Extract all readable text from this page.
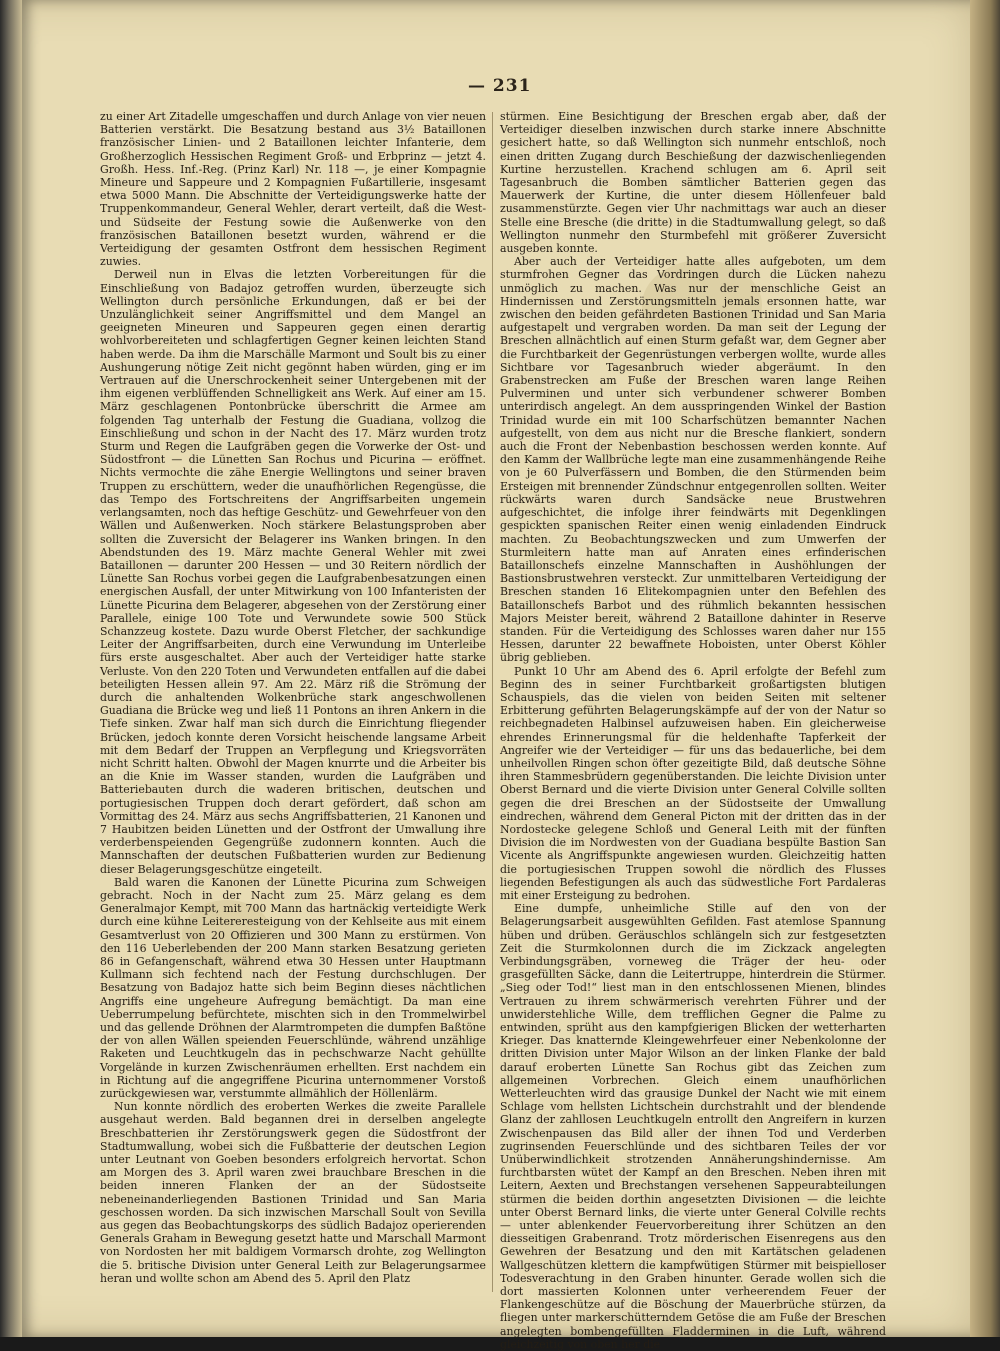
— 231

zu einer Art Zitadelle umgeschaffen und durch Anlage von vier neuen Batterien verstärkt. Die Besatzung bestand aus 3½ Bataillonen französischer Linien- und 2 Bataillonen leichter Infanterie, dem Großherzoglich Hessischen Regiment Groß- und Erbprinz — jetzt 4. Großh. Hess. Inf.-Reg. (Prinz Karl) Nr. 118 —, je einer Kompagnie Mineure und Sappeure und 2 Kompagnien Fußartillerie, insgesamt etwa 5000 Mann. Die Abschnitte der Verteidigungswerke hatte der Truppenkommandeur, General Wehler, derart verteilt, daß die West- und Südseite der Festung sowie die Außenwerke von den französischen Bataillonen besetzt wurden, während er die Verteidigung der gesamten Ostfront dem hessischen Regiment zuwies.

Derweil nun in Elvas die letzten Vorbereitungen für die Einschließung von Badajoz getroffen wurden, überzeugte sich Wellington durch persönliche Erkundungen, daß er bei der Unzulänglichkeit seiner Angriffsmittel und dem Mangel an geeigneten Mineuren und Sappeuren gegen einen derartig wohlvorbereiteten und schlagfertigen Gegner keinen leichten Stand haben werde. Da ihm die Marschälle Marmont und Soult bis zu einer Aushungerung nötige Zeit nicht gegönnt haben würden, ging er im Vertrauen auf die Unerschrockenheit seiner Untergebenen mit der ihm eigenen verblüffenden Schnelligkeit ans Werk. Auf einer am 15. März geschlagenen Pontonbrücke überschritt die Armee am folgenden Tag unterhalb der Festung die Guadiana, vollzog die Einschließung und schon in der Nacht des 17. März wurden trotz Sturm und Regen die Laufgräben gegen die Vorwerke der Ost- und Südostfront — die Lünetten San Rochus und Picurina — eröffnet. Nichts vermochte die zähe Energie Wellingtons und seiner braven Truppen zu erschüttern, weder die unaufhörlichen Regengüsse, die das Tempo des Fortschreitens der Angriffsarbeiten ungemein verlangsamten, noch das heftige Geschütz- und Gewehrfeuer von den Wällen und Außenwerken. Noch stärkere Belastungsproben aber sollten die Zuversicht der Belagerer ins Wanken bringen. In den Abendstunden des 19. März machte General Wehler mit zwei Bataillonen — darunter 200 Hessen — und 30 Reitern nördlich der Lünette San Rochus vorbei gegen die Laufgrabenbesatzungen einen energischen Ausfall, der unter Mitwirkung von 100 Infanteristen der Lünette Picurina dem Belagerer, abgesehen von der Zerstörung einer Parallele, einige 100 Tote und Verwundete sowie 500 Stück Schanzzeug kostete. Dazu wurde Oberst Fletcher, der sachkundige Leiter der Angriffsarbeiten, durch eine Verwundung im Unterleibe fürs erste ausgeschaltet. Aber auch der Verteidiger hatte starke Verluste. Von den 220 Toten und Verwundeten entfallen auf die dabei beteiligten Hessen allein 97. Am 22. März riß die Strömung der durch die anhaltenden Wolkenbrüche stark angeschwollenen Guadiana die Brücke weg und ließ 11 Pontons an ihren Ankern in die Tiefe sinken. Zwar half man sich durch die Einrichtung fliegender Brücken, jedoch konnte deren Vorsicht heischende langsame Arbeit mit dem Bedarf der Truppen an Verpflegung und Kriegsvorräten nicht Schritt halten. Obwohl der Magen knurrte und die Arbeiter bis an die Knie im Wasser standen, wurden die Laufgräben und Batteriebauten durch die waderen britischen, deutschen und portugiesischen Truppen doch derart gefördert, daß schon am Vormittag des 24. März aus sechs Angriffsbatterien, 21 Kanonen und 7 Haubitzen beiden Lünetten und der Ostfront der Umwallung ihre verderbenspeienden Gegengrüße zudonnern konnten. Auch die Mannschaften der deutschen Fußbatterien wurden zur Bedienung dieser Belagerungsgeschütze eingeteilt.

Bald waren die Kanonen der Lünette Picurina zum Schweigen gebracht. Noch in der Nacht zum 25. März gelang es dem Generalmajor Kempt, mit 700 Mann das hartnäckig verteidigte Werk durch eine kühne Leitereresteigung von der Kehlseite aus mit einem Gesamtverlust von 20 Offizieren und 300 Mann zu erstürmen. Von den 116 Ueberlebenden der 200 Mann starken Besatzung gerieten 86 in Gefangenschaft, während etwa 30 Hessen unter Hauptmann Kullmann sich fechtend nach der Festung durchschlugen. Der Besatzung von Badajoz hatte sich beim Beginn dieses nächtlichen Angriffs eine ungeheure Aufregung bemächtigt. Da man eine Ueberrumpelung befürchtete, mischten sich in den Trommelwirbel und das gellende Dröhnen der Alarmtrompeten die dumpfen Baßtöne der von allen Wällen speienden Feuerschlünde, während unzählige Raketen und Leuchtkugeln das in pechschwarze Nacht gehüllte Vorgelände in kurzen Zwischenräumen erhellten. Erst nachdem ein in Richtung auf die angegriffene Picurina unternommener Vorstoß zurückgewiesen war, verstummte allmählich der Höllenlärm.

Nun konnte nördlich des eroberten Werkes die zweite Parallele ausgehaut werden. Bald begannen drei in derselben angelegte Breschbatterien ihr Zerstörungswerk gegen die Südostfront der Stadtumwallung, wobei sich die Fußbatterie der deutschen Legion unter Leutnant von Goeben besonders erfolgreich hervortat. Schon am Morgen des 3. April waren zwei brauchbare Breschen in die beiden inneren Flanken der an der Südostseite nebeneinanderliegenden Bastionen Trinidad und San Maria geschossen worden. Da sich inzwischen Marschall Soult von Sevilla aus gegen das Beobachtungskorps des südlich Badajoz operierenden Generals Graham in Bewegung gesetzt hatte und Marschall Marmont von Nordosten her mit baldigem Vormarsch drohte, zog Wellington die 5. britische Division unter General Leith zur Belagerungsarmee heran und wollte schon am Abend des 5. April den Platz

stürmen. Eine Besichtigung der Breschen ergab aber, daß der Verteidiger dieselben inzwischen durch starke innere Abschnitte gesichert hatte, so daß Wellington sich nunmehr entschloß, noch einen dritten Zugang durch Beschießung der dazwischenliegenden Kurtine herzustellen. Krachend schlugen am 6. April seit Tagesanbruch die Bomben sämtlicher Batterien gegen das Mauerwerk der Kurtine, die unter diesem Höllenfeuer bald zusammenstürzte. Gegen vier Uhr nachmittags war auch an dieser Stelle eine Bresche (die dritte) in die Stadtumwallung gelegt, so daß Wellington nunmehr den Sturmbefehl mit größerer Zuversicht ausgeben konnte.

Aber auch der Verteidiger hatte alles aufgeboten, um dem sturmfrohen Gegner das Vordringen durch die Lücken nahezu unmöglich zu machen. Was nur der menschliche Geist an Hindernissen und Zerstörungsmitteln jemals ersonnen hatte, war zwischen den beiden gefährdeten Bastionen Trinidad und San Maria aufgestapelt und vergraben worden. Da man seit der Legung der Breschen allnächtlich auf einen Sturm gefaßt war, dem Gegner aber die Furchtbarkeit der Gegenrüstungen verbergen wollte, wurde alles Sichtbare vor Tagesanbruch wieder abgeräumt. In den Grabenstrecken am Fuße der Breschen waren lange Reihen Pulverminen und unter sich verbundener schwerer Bomben unterirdisch angelegt. An dem ausspringenden Winkel der Bastion Trinidad wurde ein mit 100 Scharfschützen bemannter Nachen aufgestellt, von dem aus nicht nur die Bresche flankiert, sondern auch die Front der Nebenbastion beschossen werden konnte. Auf den Kamm der Wallbrüche legte man eine zusammenhängende Reihe von je 60 Pulverfässern und Bomben, die den Stürmenden beim Ersteigen mit brennender Zündschnur entgegenrollen sollten. Weiter rückwärts waren durch Sandsäcke neue Brustwehren aufgeschichtet, die infolge ihrer feindwärts mit Degenklingen gespickten spanischen Reiter einen wenig einladenden Eindruck machten. Zu Beobachtungszwecken und zum Umwerfen der Sturmleitern hatte man auf Anraten eines erfinderischen Bataillonschefs einzelne Mannschaften in Aushöhlungen der Bastionsbrustwehren versteckt. Zur unmittelbaren Verteidigung der Breschen standen 16 Elitekompagnien unter den Befehlen des Bataillonschefs Barbot und des rühmlich bekannten hessischen Majors Meister bereit, während 2 Bataillone dahinter in Reserve standen. Für die Verteidigung des Schlosses waren daher nur 155 Hessen, darunter 22 bewaffnete Hoboisten, unter Oberst Köhler übrig geblieben.

Punkt 10 Uhr am Abend des 6. April erfolgte der Befehl zum Beginn des in seiner Furchtbarkeit großartigsten blutigen Schauspiels, das die vielen von beiden Seiten mit seltener Erbitterung geführten Belagerungskämpfe auf der von der Natur so reichbegnadeten Halbinsel aufzuweisen haben. Ein gleicherweise ehrendes Erinnerungsmal für die heldenhafte Tapferkeit der Angreifer wie der Verteidiger — für uns das bedauerliche, bei dem unheilvollen Ringen schon öfter gezeitigte Bild, daß deutsche Söhne ihren Stammesbrüdern gegenüberstanden. Die leichte Division unter Oberst Bernard und die vierte Division unter General Colville sollten gegen die drei Breschen an der Südostseite der Umwallung eindrechen, während dem General Picton mit der dritten das in der Nordostecke gelegene Schloß und General Leith mit der fünften Division die im Nordwesten von der Guadiana bespülte Bastion San Vicente als Angriffspunkte angewiesen wurden. Gleichzeitig hatten die portugiesischen Truppen sowohl die nördlich des Flusses liegenden Befestigungen als auch das südwestliche Fort Pardaleras mit einer Ersteigung zu bedrohen.

Eine dumpfe, unheimliche Stille auf den von der Belagerungsarbeit ausgewühlten Gefilden. Fast atemlose Spannung hüben und drüben. Geräuschlos schlängeln sich zur festgesetzten Zeit die Sturmkolonnen durch die im Zickzack angelegten Verbindungsgräben, vorneweg die Träger der heu- oder grasgefüllten Säcke, dann die Leitertruppe, hinterdrein die Stürmer. „Sieg oder Tod!“ liest man in den entschlossenen Mienen, blindes Vertrauen zu ihrem schwärmerisch verehrten Führer und der unwiderstehliche Wille, dem trefflichen Gegner die Palme zu entwinden, sprüht aus den kampfgierigen Blicken der wetterharten Krieger. Das knatternde Kleingewehrfeuer einer Nebenkolonne der dritten Division unter Major Wilson an der linken Flanke der bald darauf eroberten Lünette San Rochus gibt das Zeichen zum allgemeinen Vorbrechen. Gleich einem unaufhörlichen Wetterleuchten wird das grausige Dunkel der Nacht wie mit einem Schlage vom hellsten Lichtschein durchstrahlt und der blendende Glanz der zahllosen Leuchtkugeln entrollt den Angreifern in kurzen Zwischenpausen das Bild aller der ihnen Tod und Verderben zugrinsenden Feuerschlünde und des sichtbaren Teiles der vor Unüberwindlichkeit strotzenden Annäherungshindernisse. Am furchtbarsten wütet der Kampf an den Breschen. Neben ihren mit Leitern, Aexten und Brechstangen versehenen Sappeurabteilungen stürmen die beiden dorthin angesetzten Divisionen — die leichte unter Oberst Bernard links, die vierte unter General Colville rechts — unter ablenkender Feuervorbereitung ihrer Schützen an den diesseitigen Grabenrand. Trotz mörderischen Eisenregens aus den Gewehren der Besatzung und den mit Kartätschen geladenen Wallgeschützen klettern die kampfwütigen Stürmer mit beispielloser Todesverachtung in den Graben hinunter. Gerade wollen sich die dort massierten Kolonnen unter verheerendem Feuer der Flankengeschütze auf die Böschung der Mauerbrüche stürzen, da fliegen unter markerschütterndem Getöse die am Fuße der Breschen angelegten bombengefüllten Fladderminen in die Luft, während gleichzeitig von oben her die
